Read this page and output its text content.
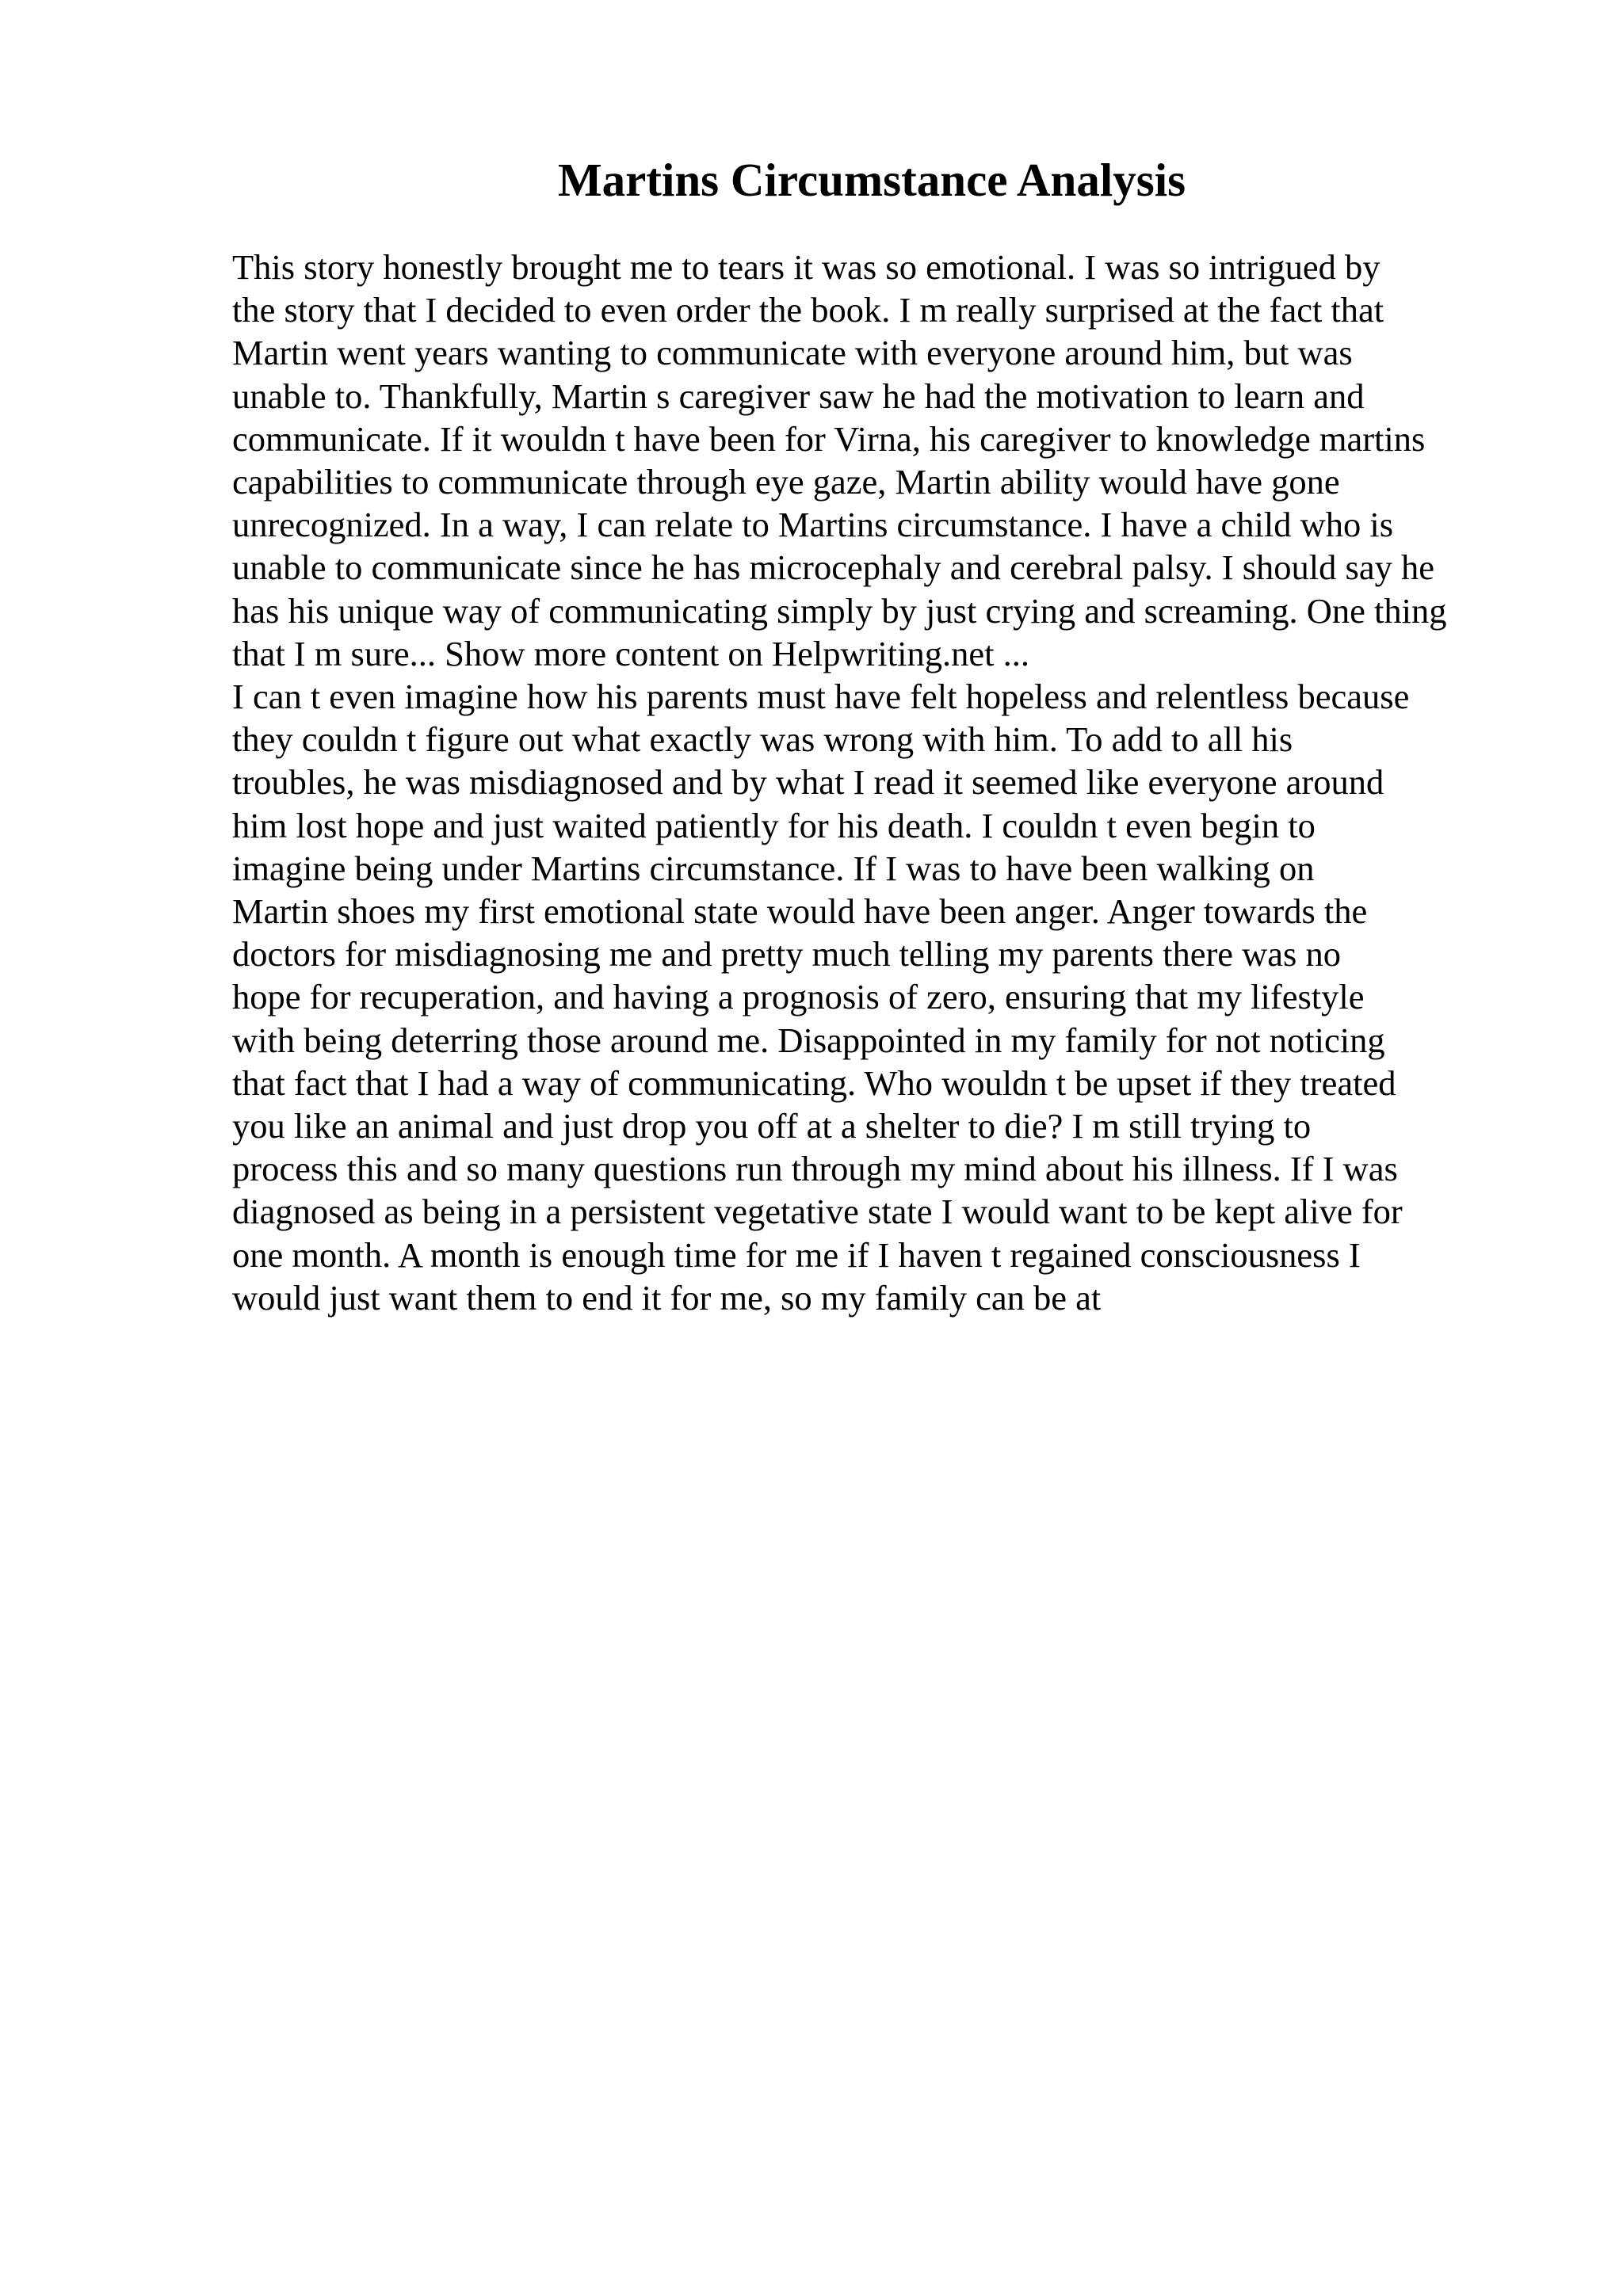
Martins Circumstance Analysis
This story honestly brought me to tears it was so emotional. I was so intrigued by
the story that I decided to even order the book. I m really surprised at the fact that
Martin went years wanting to communicate with everyone around him, but was
unable to. Thankfully, Martin s caregiver saw he had the motivation to learn and
communicate. If it wouldn t have been for Virna, his caregiver to knowledge martins
capabilities to communicate through eye gaze, Martin ability would have gone
unrecognized. In a way, I can relate to Martins circumstance. I have a child who is
unable to communicate since he has microcephaly and cerebral palsy. I should say he
has his unique way of communicating simply by just crying and screaming. One thing
that I m sure... Show more content on Helpwriting.net ...
I can t even imagine how his parents must have felt hopeless and relentless because
they couldn t figure out what exactly was wrong with him. To add to all his
troubles, he was misdiagnosed and by what I read it seemed like everyone around
him lost hope and just waited patiently for his death. I couldn t even begin to
imagine being under Martins circumstance. If I was to have been walking on
Martin shoes my first emotional state would have been anger. Anger towards the
doctors for misdiagnosing me and pretty much telling my parents there was no
hope for recuperation, and having a prognosis of zero, ensuring that my lifestyle
with being deterring those around me. Disappointed in my family for not noticing
that fact that I had a way of communicating. Who wouldn t be upset if they treated
you like an animal and just drop you off at a shelter to die? I m still trying to
process this and so many questions run through my mind about his illness. If I was
diagnosed as being in a persistent vegetative state I would want to be kept alive for
one month. A month is enough time for me if I haven t regained consciousness I
would just want them to end it for me, so my family can be at
